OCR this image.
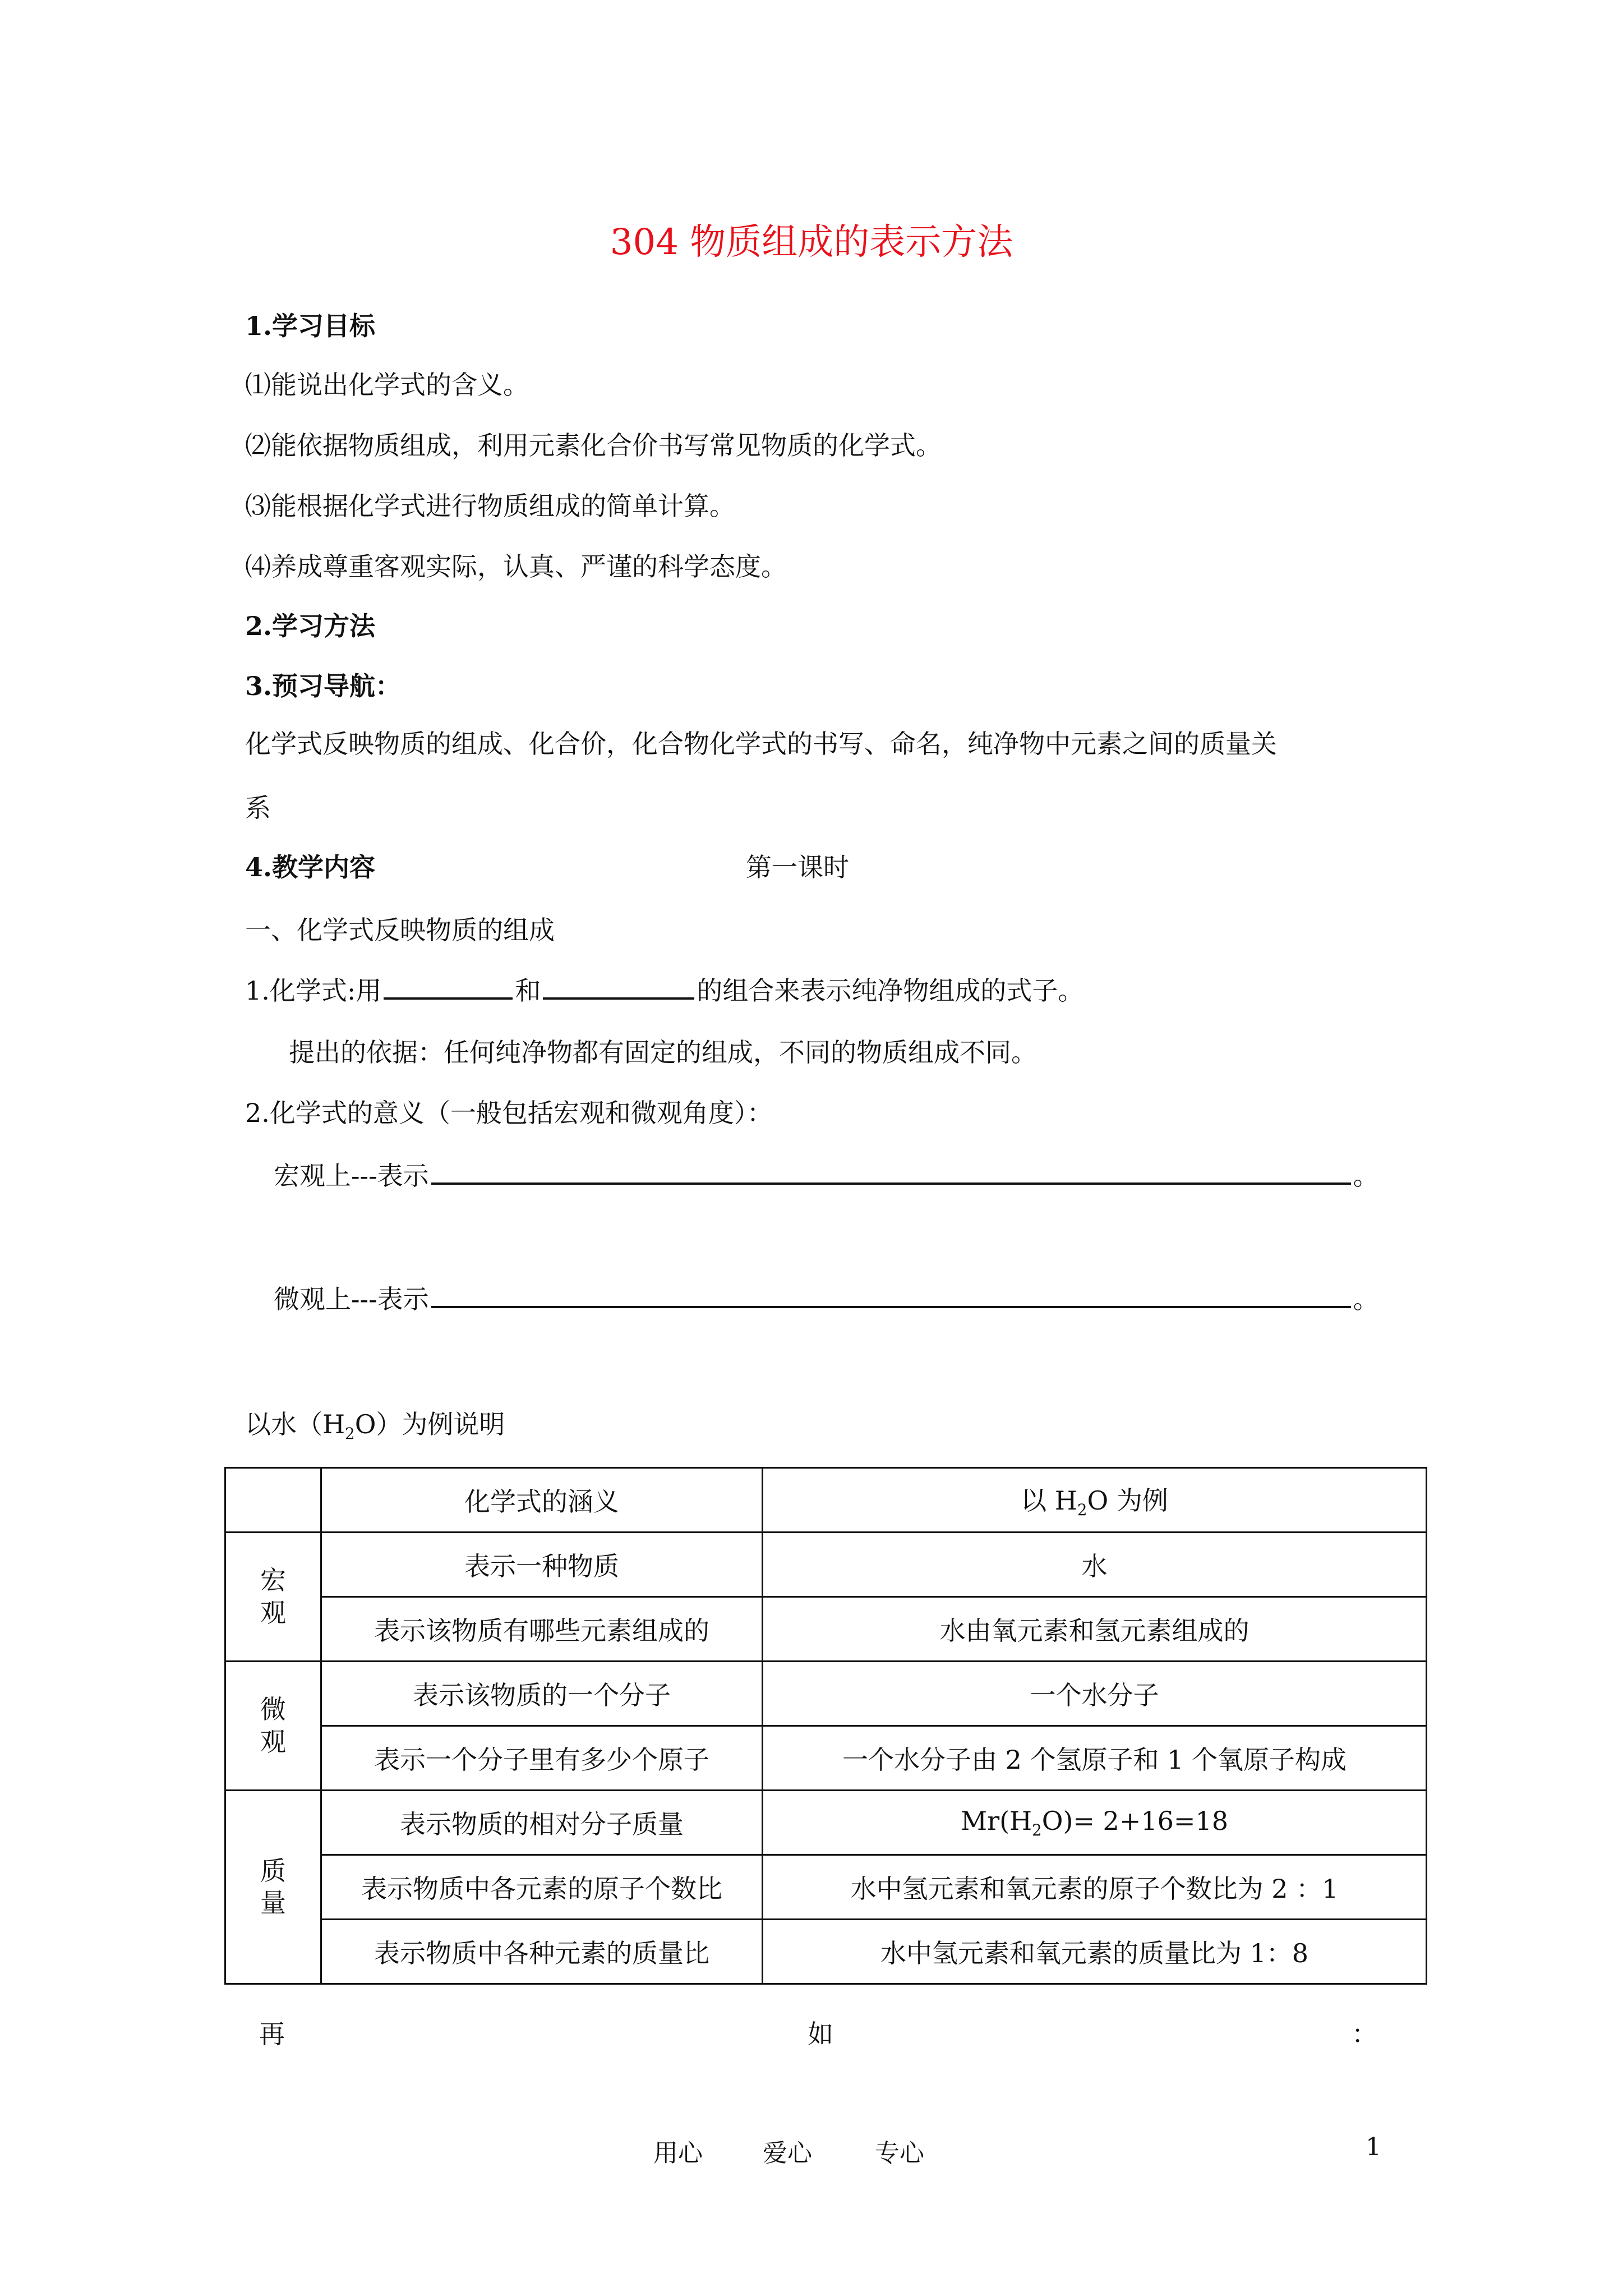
304 物质组成的表示方法
1.学习目标
⑴能说出化学式的含义。
⑵能依据物质组成，利用元素化合价书写常见物质的化学式。
⑶能根据化学式进行物质组成的简单计算。
⑷养成尊重客观实际，认真、严谨的科学态度。
2.学习方法
3.预习导航：
化学式反映物质的组成、化合价，化合物化学式的书写、命名，纯净物中元素之间的质量关
系
4.教学内容	第一课时
一、化学式反映物质的组成
1.化学式:用	和	的组合来表示纯净物组成的式子。
提出的依据：任何纯净物都有固定的组成，不同的物质组成不同。
2.化学式的意义（一般包括宏观和微观角度）：
宏观上---表示	。
微观上---表示	。
以水$(H_2O)$为例说明
	化学式的涵义	以 $H_2O$ 为例
宏
观	表示一种物质	水
	表示该物质有哪些元素组成的	水由氧元素和氢元素组成的
微
观	表示该物质的一个分子	一个水分子
	表示一个分子里有多少个原子	一个水分子由 2 个氢原子和 1 个氧原子构成
质
量	表示物质的相对分子质量	$Mr(H_2O)= 2+16=18$
	表示物质中各元素的原子个数比	水中氢元素和氧元素的原子个数比为 2 ：1
	表示物质中各种元素的质量比	水中氢元素和氧元素的质量比为 1：8
再	如	：
用心 爱心	专心	1
